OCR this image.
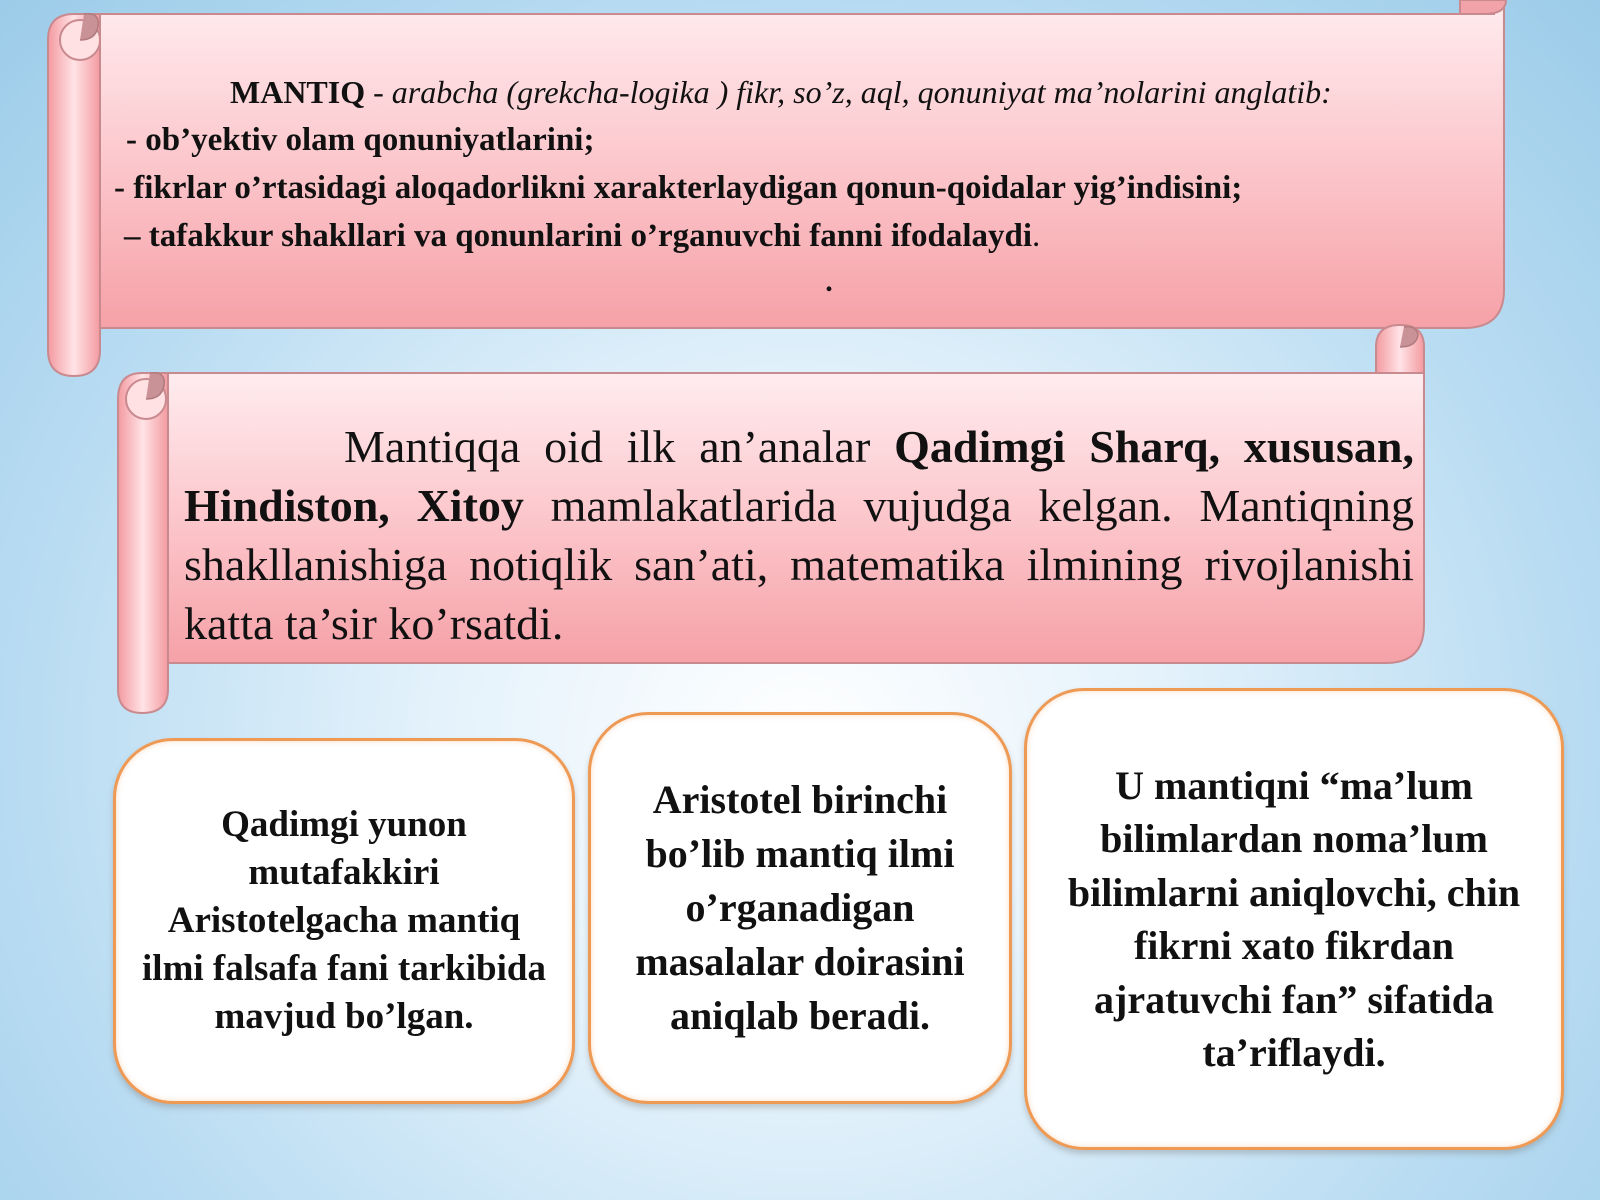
MANTIQ - arabcha (grekcha-logika ) fikr, so’z, aql, qonuniyat ma’nolarini anglatib:
- ob’yektiv olam qonuniyatlarini;
- fikrlar o’rtasidagi aloqadorlikni xarakterlaydigan qonun-qoidalar yig’indisini;
– tafakkur shakllari va qonunlarini o’rganuvchi fanni ifodalaydi.
.
Mantiqqa oid ilk an’analar Qadimgi Sharq, xususan, Hindiston, Xitoy mamlakatlarida vujudga kelgan. Mantiqning shakllanishiga notiqlik san’ati, matematika ilmining rivojlanishi katta ta’sir ko’rsatdi.
Qadimgi yunon mutafakkiri Aristotelgacha mantiq ilmi falsafa fani tarkibida mavjud bo’lgan.
Aristotel birinchi bo’lib mantiq ilmi o’rganadigan masalalar doirasini aniqlab beradi.
U mantiqni “ma’lum bilimlardan noma’lum bilimlarni aniqlovchi, chin fikrni xato fikrdan ajratuvchi fan” sifatida ta’riflaydi.
